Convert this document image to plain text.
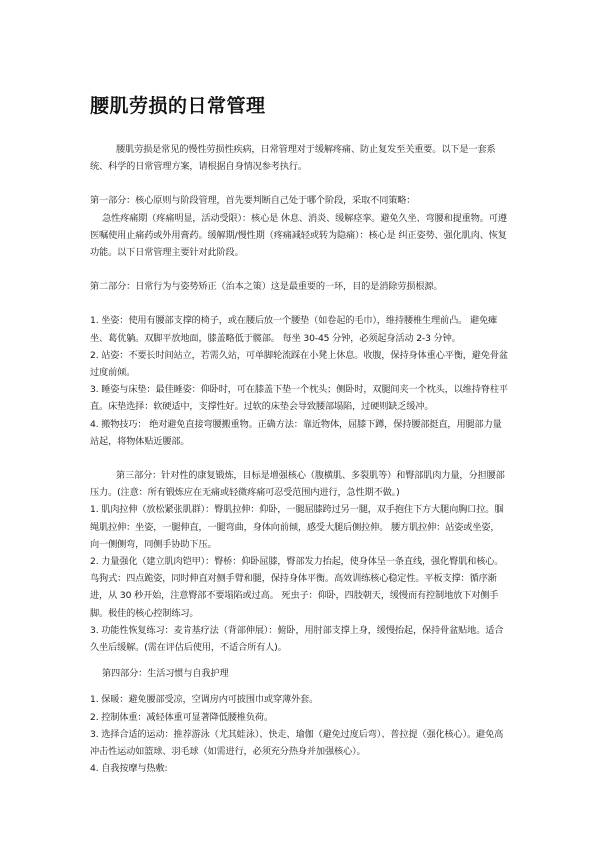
腰肌劳损的日常管理

腰肌劳损是常见的慢性劳损性疾病，日常管理对于缓解疼痛、防止复发至关重要。以下是一套系统、科学的日常管理方案，请根据自身情况参考执行。

第一部分：核心原则与阶段管理，首先要判断自己处于哪个阶段，采取不同策略：

急性疼痛期（疼痛明显，活动受限）：核心是 休息、消炎、缓解痉挛。避免久坐、弯腰和提重物。可遵医嘱使用止痛药或外用膏药。缓解期/慢性期（疼痛减轻或转为隐痛）：核心是 纠正姿势、强化肌肉、恢复功能。以下日常管理主要针对此阶段。

第二部分：日常行为与姿势矫正（治本之策）这是最重要的一环，目的是消除劳损根源。

1. 坐姿：使用有腰部支撑的椅子，或在腰后放一个腰垫（如卷起的毛巾），维持腰椎生理前凸。 避免瘫坐、葛优躺。双脚平放地面，膝盖略低于髋部。 每坐 30-45 分钟，必须起身活动 2-3 分钟。

2. 站姿：不要长时间站立，若需久站，可单脚轮流踩在小凳上休息。收腹，保持身体重心平衡，避免骨盆过度前倾。

3. 睡姿与床垫：最佳睡姿：仰卧时，可在膝盖下垫一个枕头；侧卧时，双腿间夹一个枕头，以维持脊柱平直。床垫选择：软硬适中，支撑性好。过软的床垫会导致腰部塌陷，过硬则缺乏缓冲。

4. 搬物技巧： 绝对避免直接弯腰搬重物。正确方法：靠近物体，屈膝下蹲，保持腰部挺直，用腿部力量站起，将物体贴近腰部。

第三部分：针对性的康复锻炼，目标是增强核心（腹横肌、多裂肌等）和臀部肌肉力量，分担腰部压力。(注意：所有锻炼应在无痛或轻微疼痛可忍受范围内进行，急性期不做。)

1. 肌肉拉伸（放松紧张肌群）：臀肌拉伸：仰卧，一腿屈膝跨过另一腿，双手抱住下方大腿向胸口拉。腘绳肌拉伸：坐姿，一腿伸直，一腿弯曲，身体向前倾，感受大腿后侧拉伸。 腰方肌拉伸：站姿或坐姿，向一侧侧弯，同侧手协助下压。

2. 力量强化（建立肌肉铠甲）：臀桥：仰卧屈膝，臀部发力抬起，使身体呈一条直线，强化臀肌和核心。鸟狗式：四点跪姿，同时伸直对侧手臂和腿，保持身体平衡。高效训练核心稳定性。平板支撑：循序渐进，从 30 秒开始，注意臀部不要塌陷或过高。 死虫子：仰卧，四肢朝天，缓慢而有控制地放下对侧手脚。极佳的核心控制练习。

3. 功能性恢复练习：麦肯基疗法（背部伸展）：俯卧，用肘部支撑上身，缓慢抬起，保持骨盆贴地。适合久坐后缓解。(需在评估后使用，不适合所有人)。

第四部分：生活习惯与自我护理

1. 保暖：避免腰部受凉，空调房内可披围巾或穿薄外套。

2. 控制体重：减轻体重可显著降低腰椎负荷。

3. 选择合适的运动：推荐游泳（尤其蛙泳）、快走、瑜伽（避免过度后弯）、普拉提（强化核心）。避免高冲击性运动如篮球、羽毛球（如需进行，必须充分热身并加强核心）。

4. 自我按摩与热敷:
